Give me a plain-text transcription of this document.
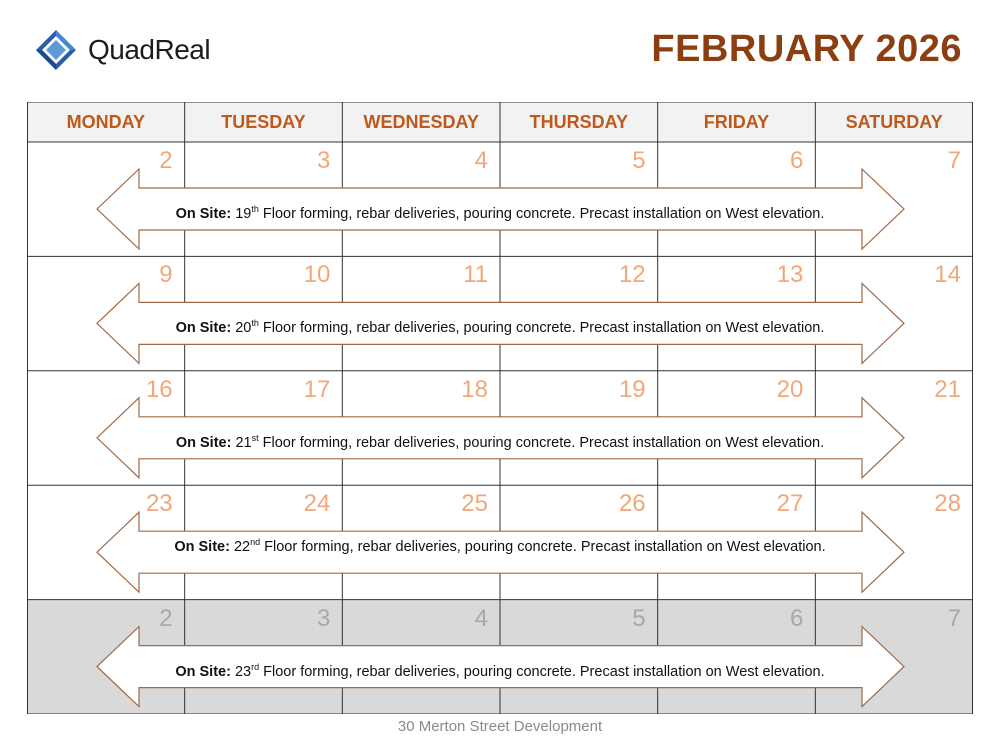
QuadReal	FEBRUARY 2026
MONDAY	TUESDAY	WEDNESDAY	THURSDAY	FRIDAY	SATURDAY
2	3	4	5	6	7
On Site: 19th Floor forming, rebar deliveries, pouring concrete. Precast installation on West elevation.
9	10	11	12	13	14
On Site: 20th Floor forming, rebar deliveries, pouring concrete. Precast installation on West elevation.
16	17	18	19	20	21
On Site: 21st Floor forming, rebar deliveries, pouring concrete. Precast installation on West elevation.
23	24	25	26	27	28
On Site: 22nd Floor forming, rebar deliveries, pouring concrete. Precast installation on West elevation.
2	3	4	5	6	7
On Site: 23rd Floor forming, rebar deliveries, pouring concrete. Precast installation on West elevation.
30 Merton Street Development
